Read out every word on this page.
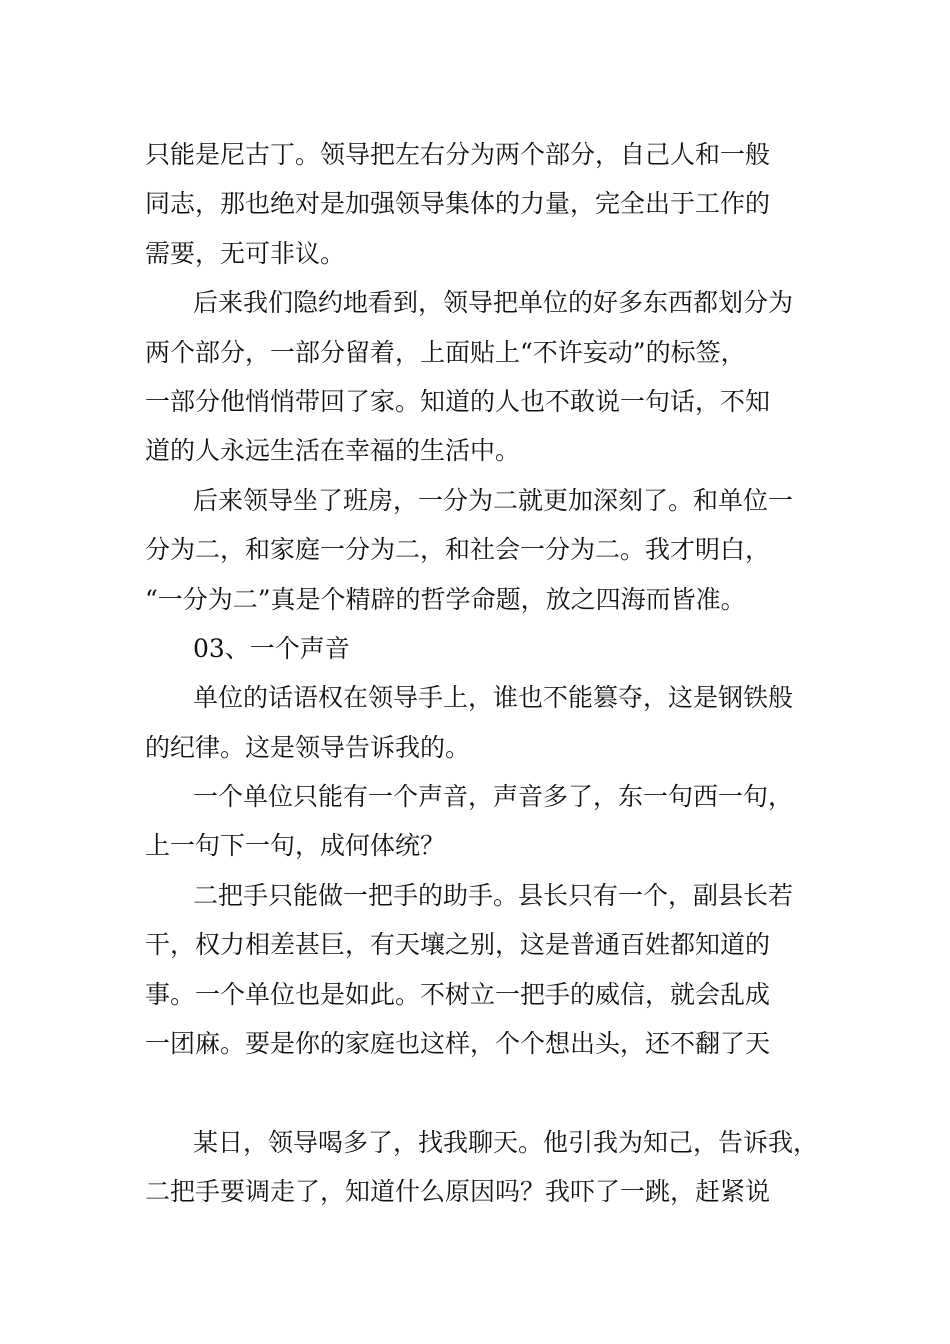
只能是尼古丁。领导把左右分为两个部分，自己人和一般
同志，那也绝对是加强领导集体的力量，完全出于工作的
需要，无可非议。
后来我们隐约地看到，领导把单位的好多东西都划分为
两个部分，一部分留着，上面贴上“不许妄动”的标签，
一部分他悄悄带回了家。知道的人也不敢说一句话，不知
道的人永远生活在幸福的生活中。
后来领导坐了班房，一分为二就更加深刻了。和单位一
分为二，和家庭一分为二，和社会一分为二。我才明白，
“一分为二”真是个精辟的哲学命题，放之四海而皆准。
03、一个声音
单位的话语权在领导手上，谁也不能篡夺，这是钢铁般
的纪律。这是领导告诉我的。
一个单位只能有一个声音，声音多了，东一句西一句，
上一句下一句，成何体统？
二把手只能做一把手的助手。县长只有一个，副县长若
干，权力相差甚巨，有天壤之别，这是普通百姓都知道的
事。一个单位也是如此。不树立一把手的威信，就会乱成
一团麻。要是你的家庭也这样，个个想出头，还不翻了天
某日，领导喝多了，找我聊天。他引我为知己，告诉我，
二把手要调走了，知道什么原因吗？我吓了一跳，赶紧说
